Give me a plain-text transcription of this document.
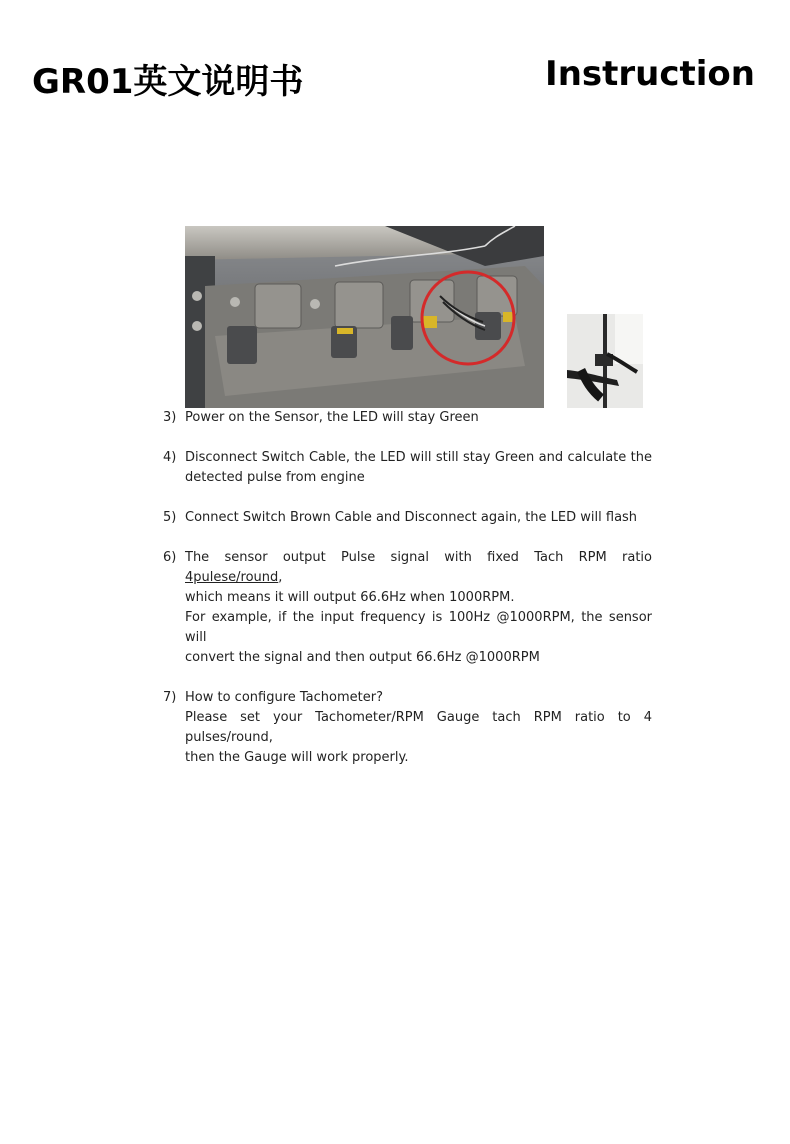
GR01英文说明书	Instruction
3) Power on the Sensor, the LED will stay Green
4) Disconnect Switch Cable, the LED will still stay Green and calculate the
detected pulse from engine
5) Connect Switch Brown Cable and Disconnect again, the LED will flash
6) The sensor output Pulse signal with fixed Tach RPM ratio 4pulese/round,
which means it will output 66.6Hz when 1000RPM.
For example, if the input frequency is 100Hz @1000RPM, the sensor will
convert the signal and then output 66.6Hz @1000RPM
7) How to configure Tachometer?
Please set your Tachometer/RPM Gauge tach RPM ratio to 4 pulses/round,
then the Gauge will work properly.
